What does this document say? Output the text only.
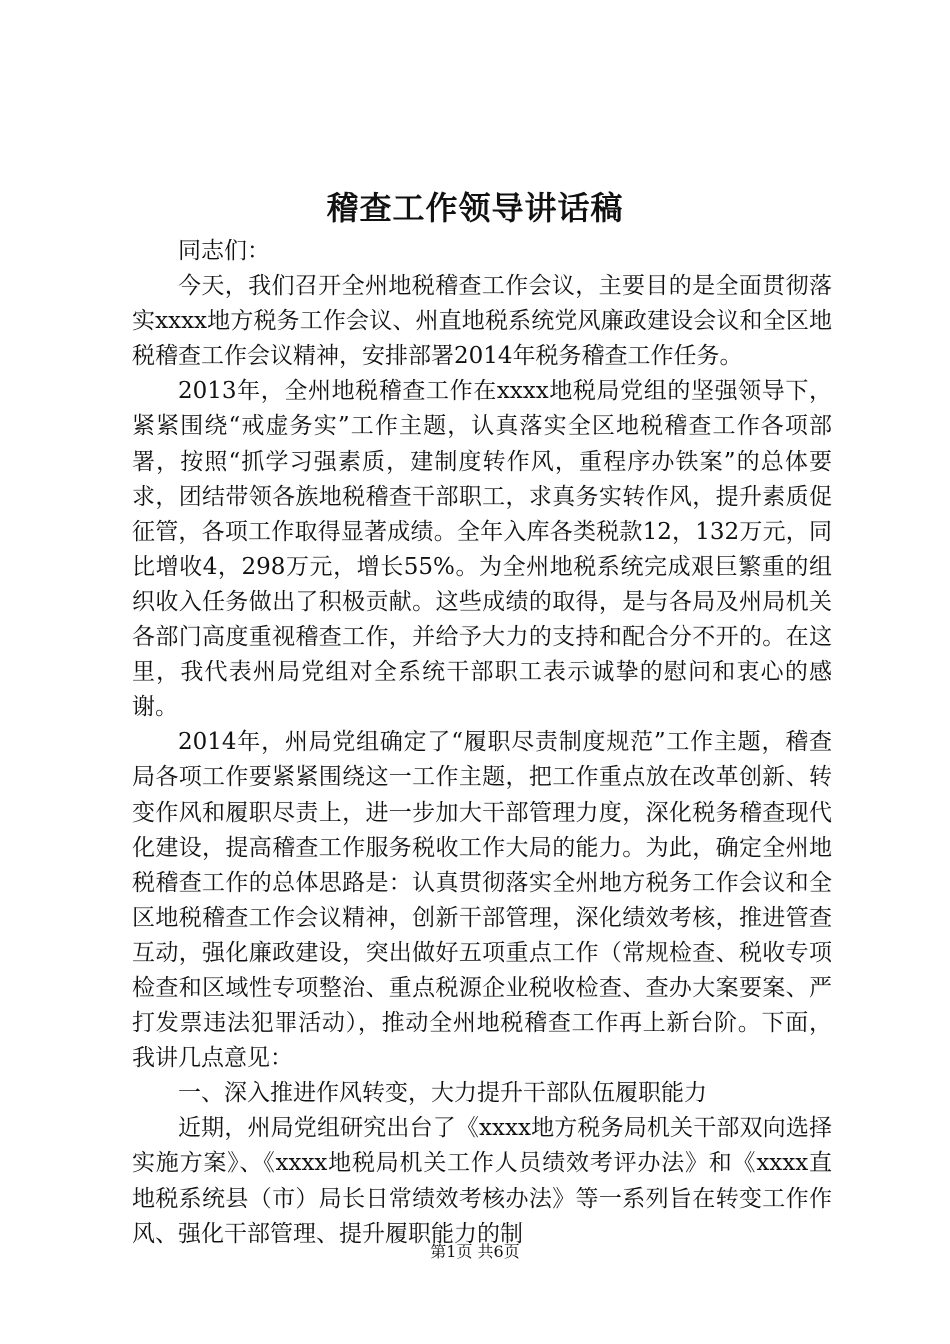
稽查工作领导讲话稿

同志们：

今天，我们召开全州地税稽查工作会议，主要目的是全面贯彻落实xxxx地方税务工作会议、州直地税系统党风廉政建设会议和全区地税稽查工作会议精神，安排部署2014年税务稽查工作任务。

2013年，全州地税稽查工作在xxxx地税局党组的坚强领导下，紧紧围绕“戒虚务实”工作主题，认真落实全区地税稽查工作各项部署，按照“抓学习强素质，建制度转作风，重程序办铁案”的总体要求，团结带领各族地税稽查干部职工，求真务实转作风，提升素质促征管，各项工作取得显著成绩。全年入库各类税款12，132万元，同比增收4，298万元，增长55%。为全州地税系统完成艰巨繁重的组织收入任务做出了积极贡献。这些成绩的取得，是与各局及州局机关各部门高度重视稽查工作，并给予大力的支持和配合分不开的。在这里，我代表州局党组对全系统干部职工表示诚挚的慰问和衷心的感谢。

2014年，州局党组确定了“履职尽责制度规范”工作主题，稽查局各项工作要紧紧围绕这一工作主题，把工作重点放在改革创新、转变作风和履职尽责上，进一步加大干部管理力度，深化税务稽查现代化建设，提高稽查工作服务税收工作大局的能力。为此，确定全州地税稽查工作的总体思路是：认真贯彻落实全州地方税务工作会议和全区地税稽查工作会议精神，创新干部管理，深化绩效考核，推进管查互动，强化廉政建设，突出做好五项重点工作（常规检查、税收专项检查和区域性专项整治、重点税源企业税收检查、查办大案要案、严打发票违法犯罪活动），推动全州地税稽查工作再上新台阶。下面，我讲几点意见：

一、深入推进作风转变，大力提升干部队伍履职能力

近期，州局党组研究出台了《xxxx地方税务局机关干部双向选择实施方案》、《xxxx地税局机关工作人员绩效考评办法》和《xxxx直地税系统县（市）局长日常绩效考核办法》等一系列旨在转变工作作风、强化干部管理、提升履职能力的制

第1页 共6页
